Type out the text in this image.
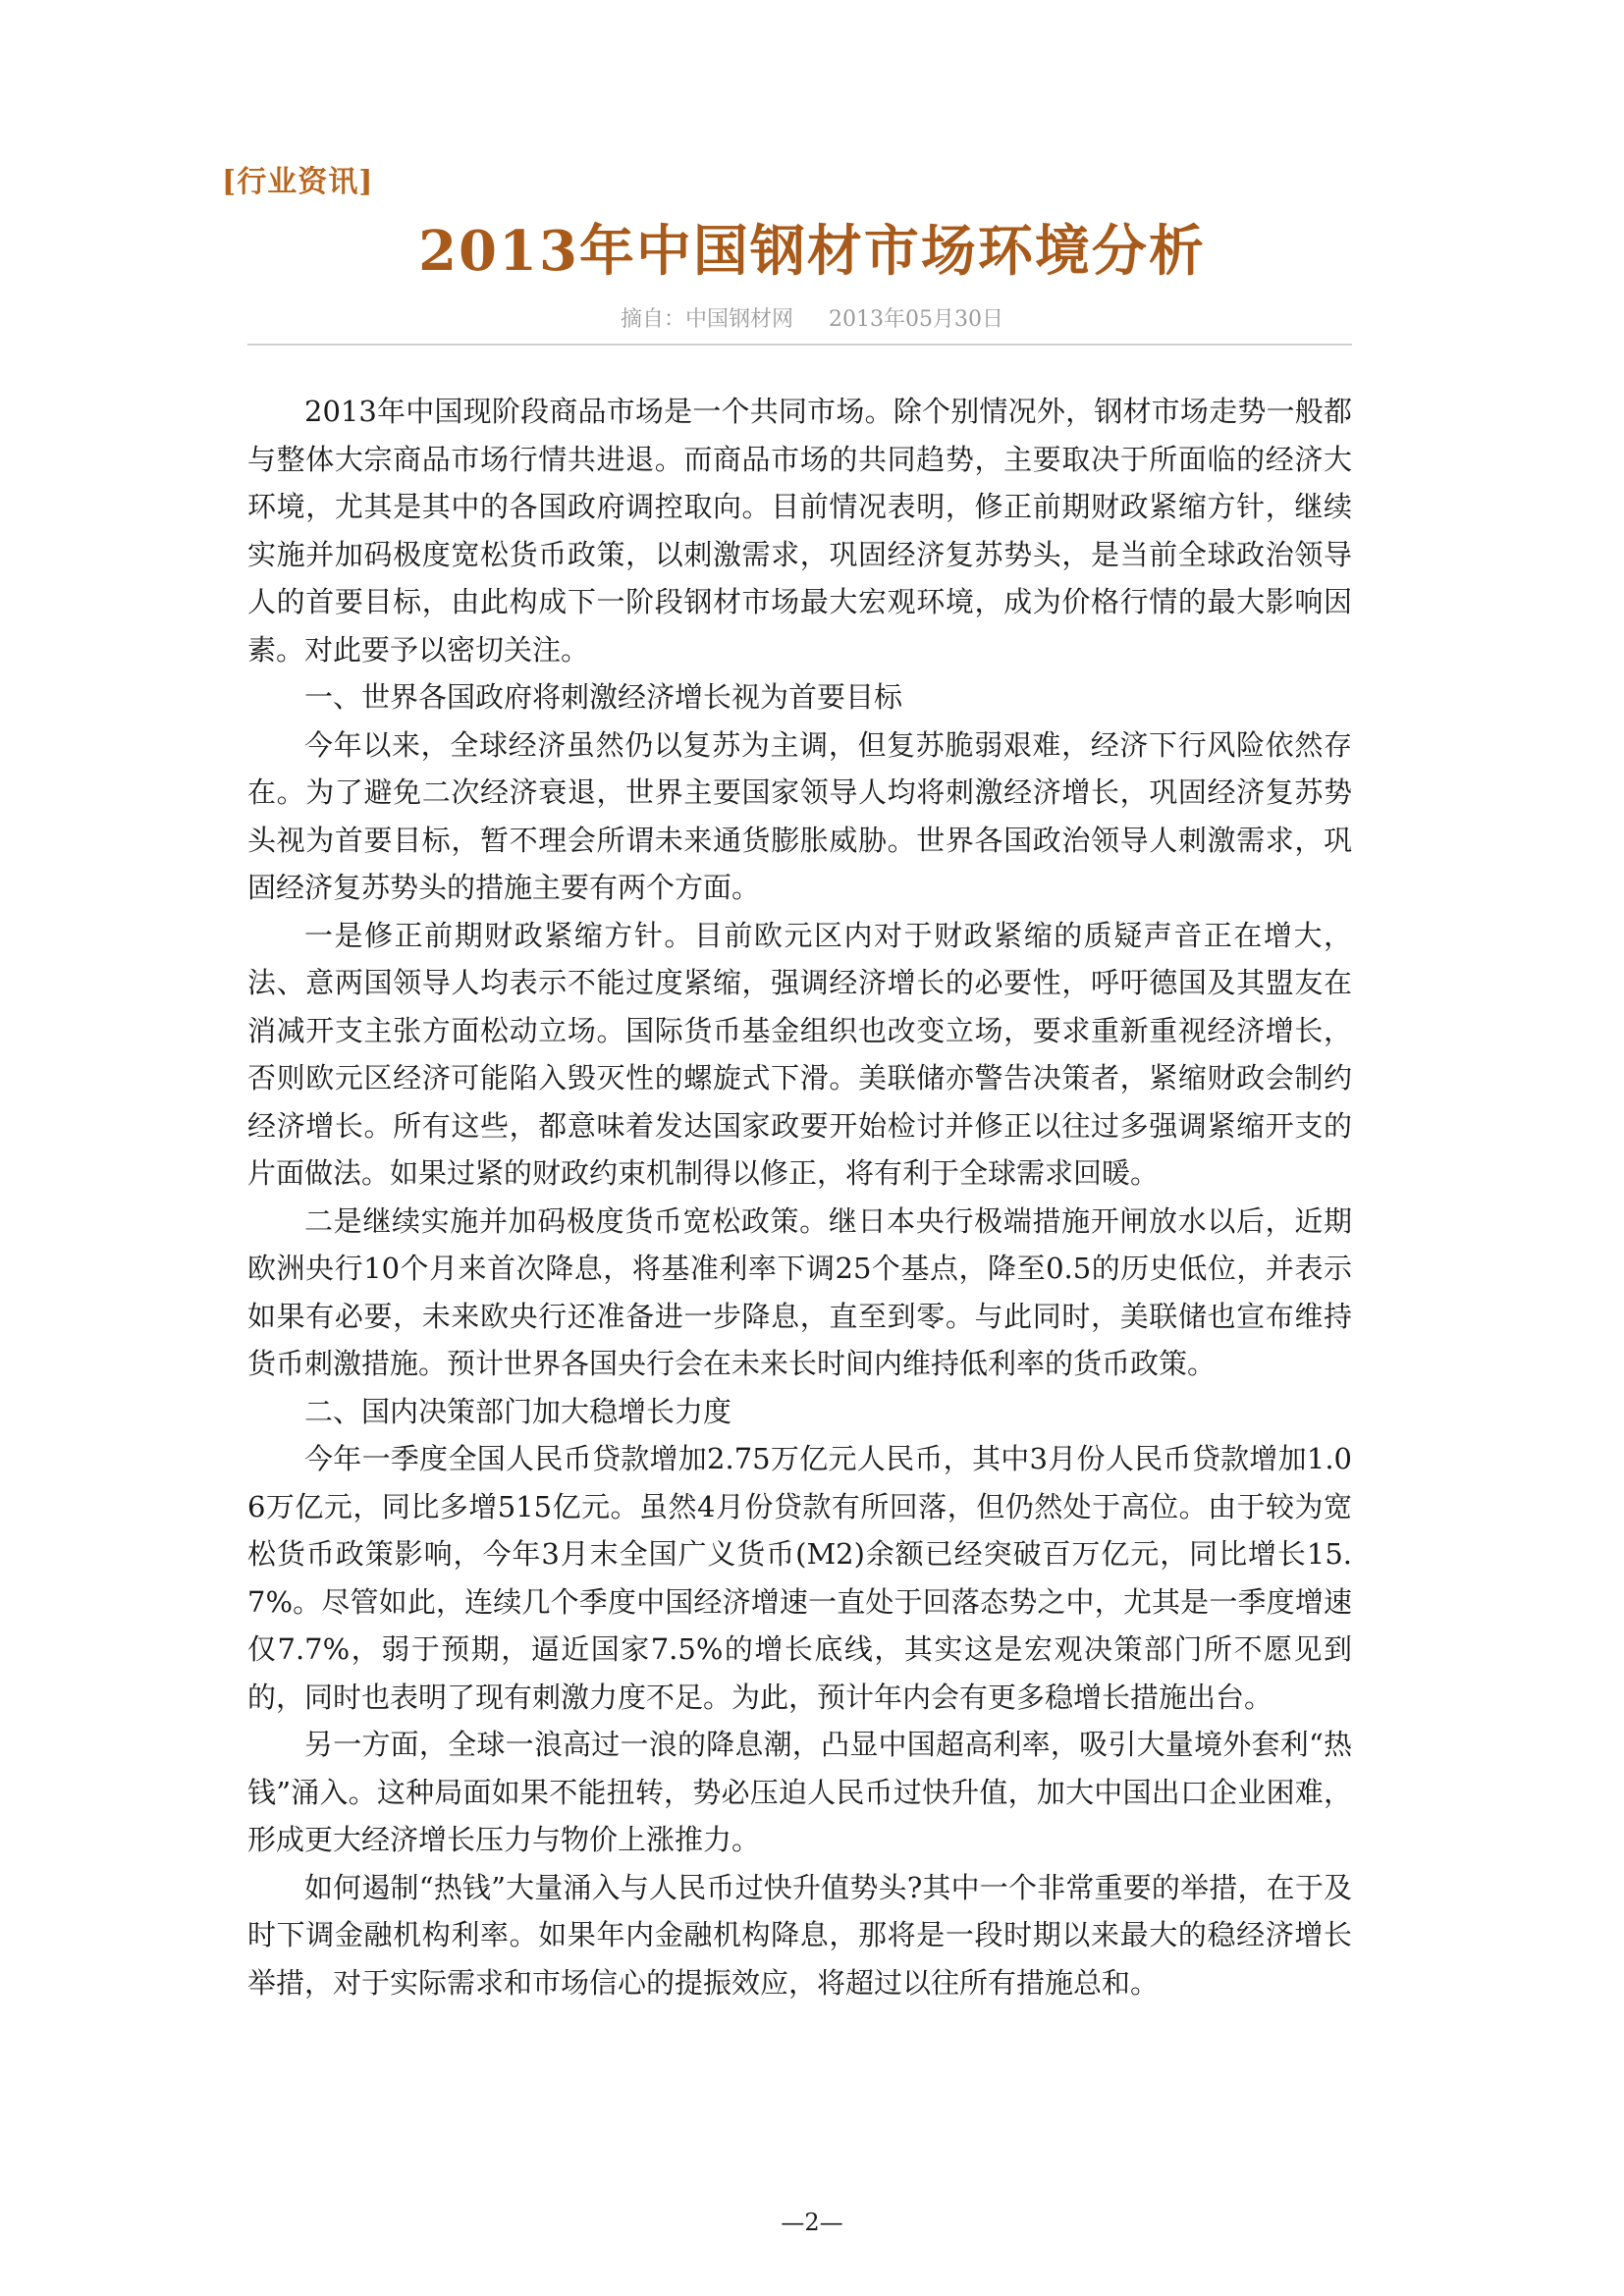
[行业资讯]
2013年中国钢材市场环境分析
摘自：中国钢材网 2013年05月30日

2013年中国现阶段商品市场是一个共同市场。除个别情况外，钢材市场走势一般都与整体大宗商品市场行情共进退。而商品市场的共同趋势，主要取决于所面临的经济大环境，尤其是其中的各国政府调控取向。目前情况表明，修正前期财政紧缩方针，继续实施并加码极度宽松货币政策，以刺激需求，巩固经济复苏势头，是当前全球政治领导人的首要目标，由此构成下一阶段钢材市场最大宏观环境，成为价格行情的最大影响因素。对此要予以密切关注。

一、世界各国政府将刺激经济增长视为首要目标

今年以来，全球经济虽然仍以复苏为主调，但复苏脆弱艰难，经济下行风险依然存在。为了避免二次经济衰退，世界主要国家领导人均将刺激经济增长，巩固经济复苏势头视为首要目标，暂不理会所谓未来通货膨胀威胁。世界各国政治领导人刺激需求，巩固经济复苏势头的措施主要有两个方面。

一是修正前期财政紧缩方针。目前欧元区内对于财政紧缩的质疑声音正在增大，法、意两国领导人均表示不能过度紧缩，强调经济增长的必要性，呼吁德国及其盟友在消减开支主张方面松动立场。国际货币基金组织也改变立场，要求重新重视经济增长，否则欧元区经济可能陷入毁灭性的螺旋式下滑。美联储亦警告决策者，紧缩财政会制约经济增长。所有这些，都意味着发达国家政要开始检讨并修正以往过多强调紧缩开支的片面做法。如果过紧的财政约束机制得以修正，将有利于全球需求回暖。

二是继续实施并加码极度货币宽松政策。继日本央行极端措施开闸放水以后，近期欧洲央行10个月来首次降息，将基准利率下调25个基点，降至0.5的历史低位，并表示如果有必要，未来欧央行还准备进一步降息，直至到零。与此同时，美联储也宣布维持货币刺激措施。预计世界各国央行会在未来长时间内维持低利率的货币政策。

二、国内决策部门加大稳增长力度

今年一季度全国人民币贷款增加2.75万亿元人民币，其中3月份人民币贷款增加1.06万亿元，同比多增515亿元。虽然4月份贷款有所回落，但仍然处于高位。由于较为宽松货币政策影响，今年3月末全国广义货币(M2)余额已经突破百万亿元，同比增长15.7%。尽管如此，连续几个季度中国经济增速一直处于回落态势之中，尤其是一季度增速仅7.7%，弱于预期，逼近国家7.5%的增长底线，其实这是宏观决策部门所不愿见到的，同时也表明了现有刺激力度不足。为此，预计年内会有更多稳增长措施出台。

另一方面，全球一浪高过一浪的降息潮，凸显中国超高利率，吸引大量境外套利“热钱”涌入。这种局面如果不能扭转，势必压迫人民币过快升值，加大中国出口企业困难，形成更大经济增长压力与物价上涨推力。

如何遏制“热钱”大量涌入与人民币过快升值势头?其中一个非常重要的举措，在于及时下调金融机构利率。如果年内金融机构降息，那将是一段时期以来最大的稳经济增长举措，对于实际需求和市场信心的提振效应，将超过以往所有措施总和。

—2—
